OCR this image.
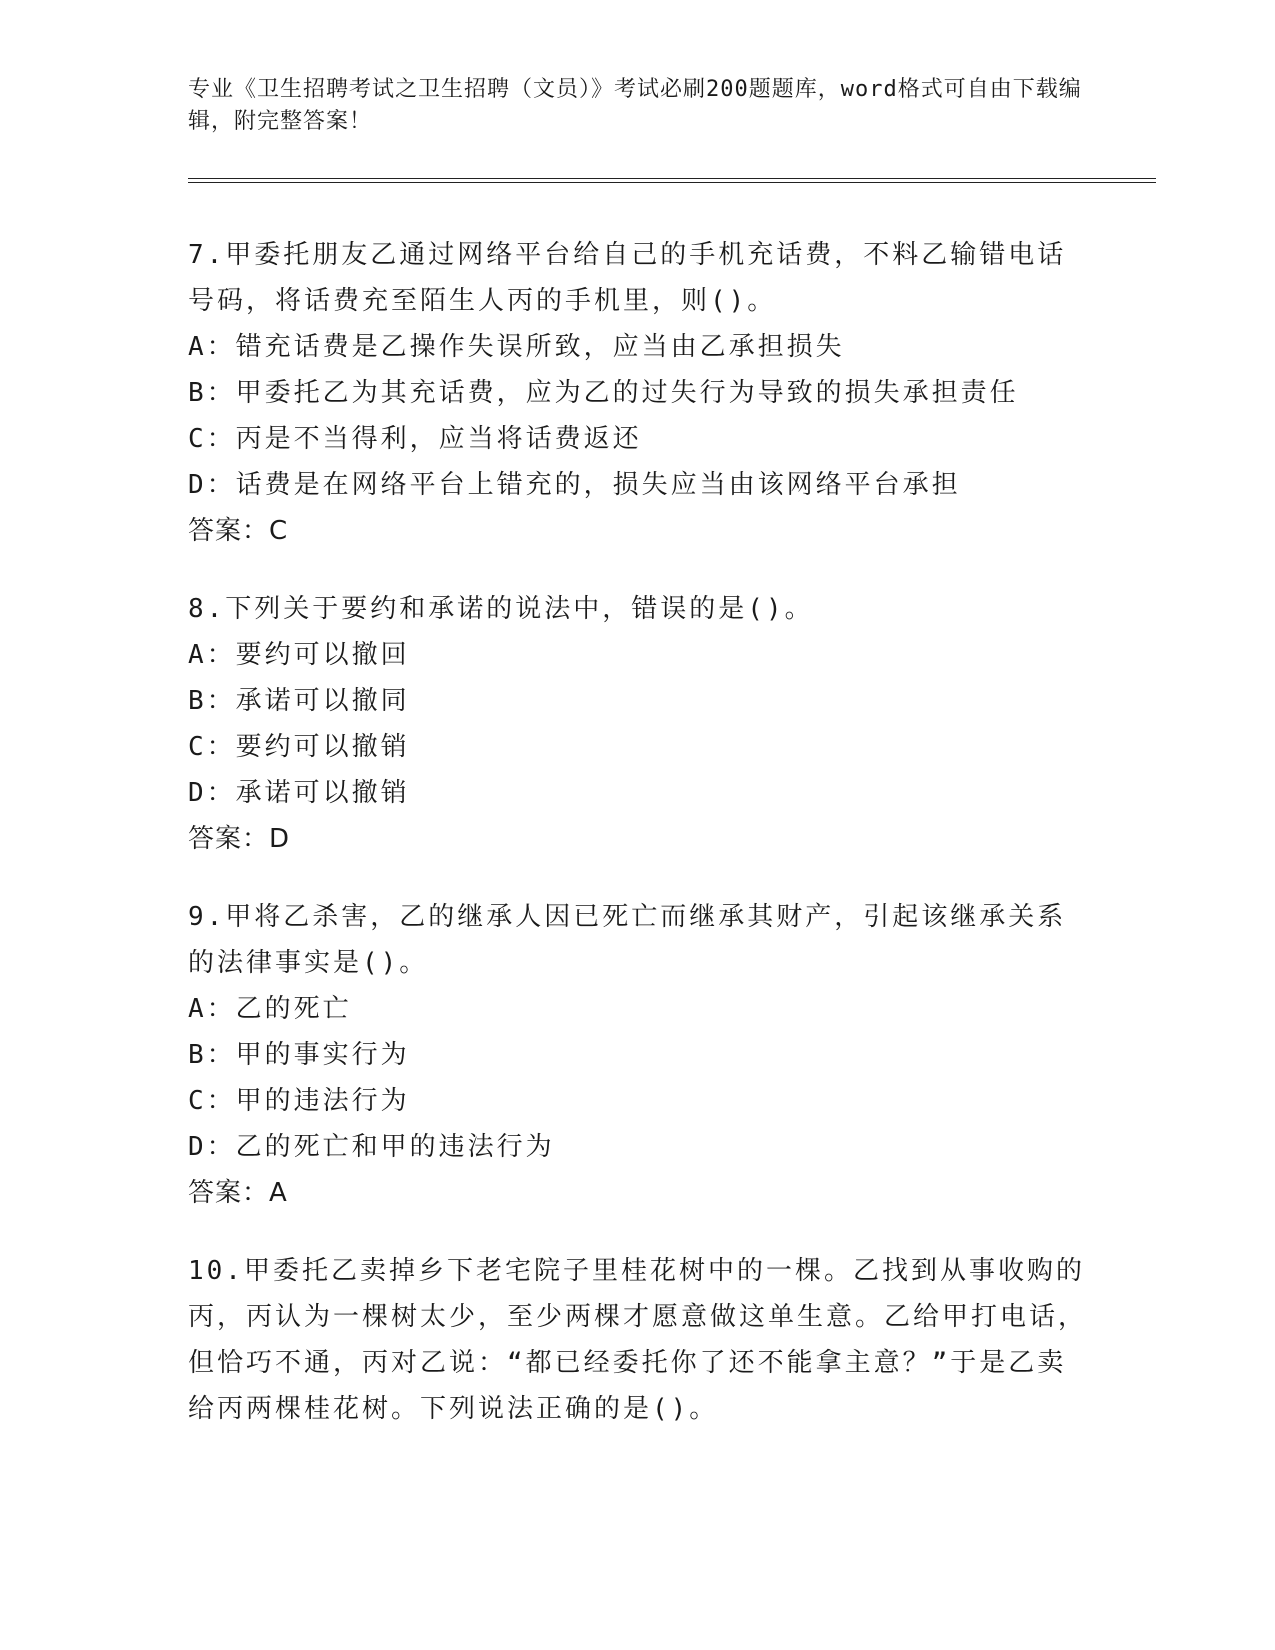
专业《卫生招聘考试之卫生招聘（文员）》考试必刷200题题库，word格式可自由下载编辑，附完整答案！
7.甲委托朋友乙通过网络平台给自己的手机充话费，不料乙输错电话号码，将话费充至陌生人丙的手机里，则()。
A：错充话费是乙操作失误所致，应当由乙承担损失
B：甲委托乙为其充话费，应为乙的过失行为导致的损失承担责任
C：丙是不当得利，应当将话费返还
D：话费是在网络平台上错充的，损失应当由该网络平台承担
答案：C
8.下列关于要约和承诺的说法中，错误的是()。
A：要约可以撤回
B：承诺可以撤同
C：要约可以撤销
D：承诺可以撤销
答案：D
9.甲将乙杀害，乙的继承人因已死亡而继承其财产，引起该继承关系的法律事实是()。
A：乙的死亡
B：甲的事实行为
C：甲的违法行为
D：乙的死亡和甲的违法行为
答案：A
10.甲委托乙卖掉乡下老宅院子里桂花树中的一棵。乙找到从事收购的丙，丙认为一棵树太少，至少两棵才愿意做这单生意。乙给甲打电话，但恰巧不通，丙对乙说：“都已经委托你了还不能拿主意？”于是乙卖给丙两棵桂花树。下列说法正确的是()。
